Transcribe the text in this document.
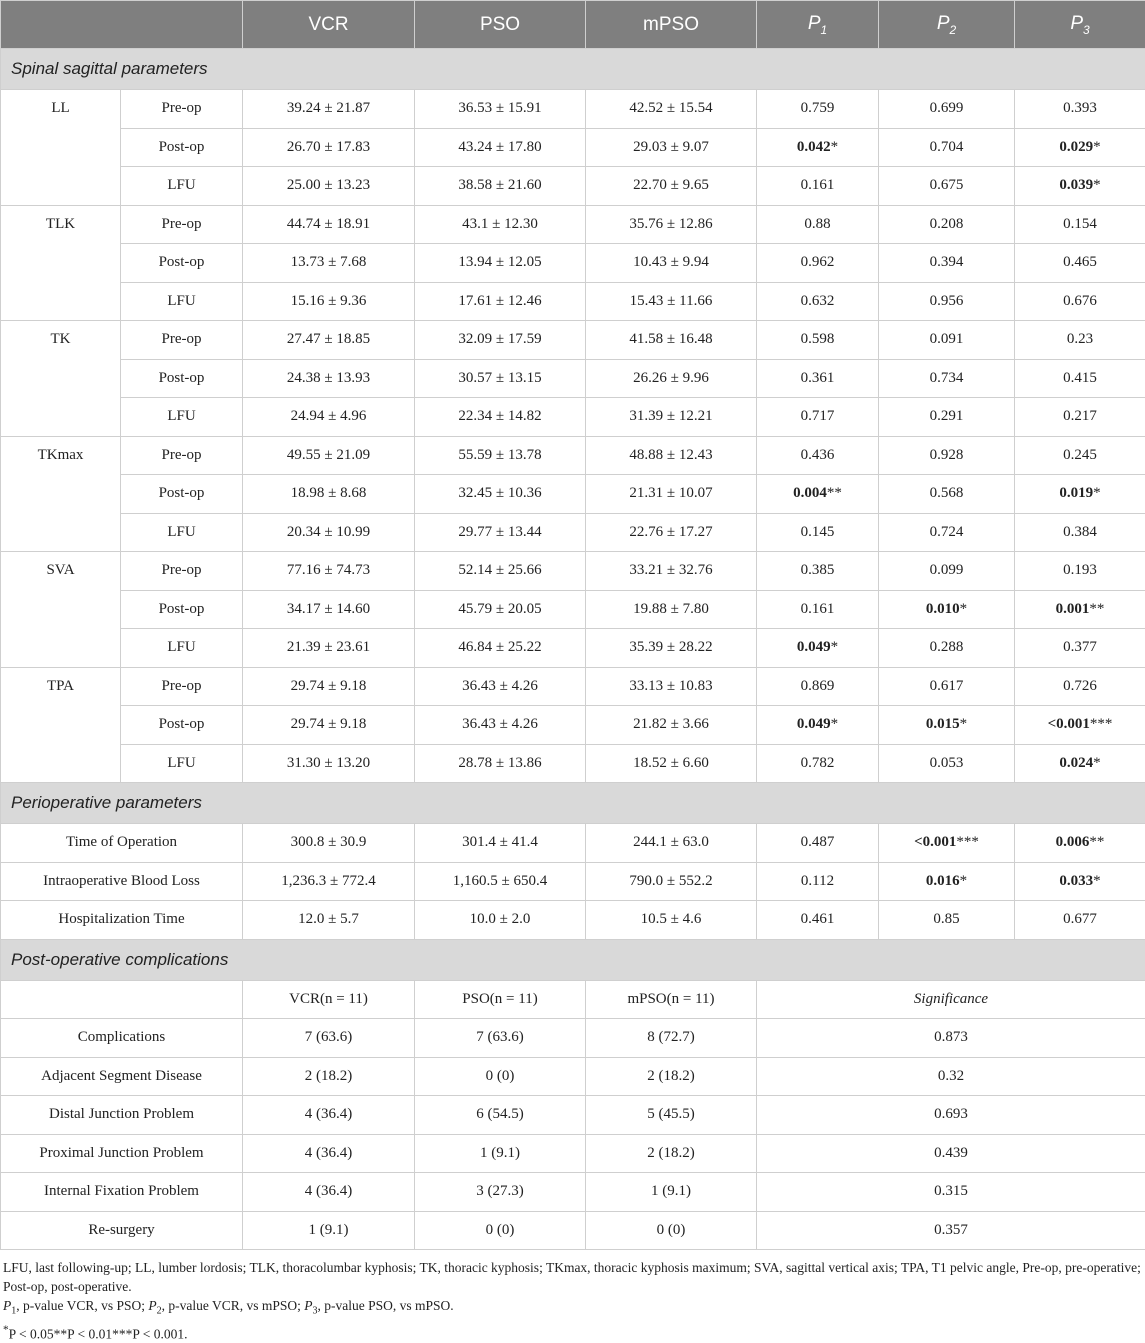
		VCR	PSO	mPSO	$P_1$	$P_2$	$P_3$
Spinal sagittal parameters							
LL	Pre-op	39.24 ± 21.87	36.53 ± 15.91	42.52 ± 15.54	0.759	0.699	0.393
	Post-op	26.70 ± 17.83	43.24 ± 17.80	29.03 ± 9.07	0.042*	0.704	0.029*
	LFU	25.00 ± 13.23	38.58 ± 21.60	22.70 ± 9.65	0.161	0.675	0.039*
TLK	Pre-op	44.74 ± 18.91	43.1 ± 12.30	35.76 ± 12.86	0.88	0.208	0.154
	Post-op	13.73 ± 7.68	13.94 ± 12.05	10.43 ± 9.94	0.962	0.394	0.465
	LFU	15.16 ± 9.36	17.61 ± 12.46	15.43 ± 11.66	0.632	0.956	0.676
TK	Pre-op	27.47 ± 18.85	32.09 ± 17.59	41.58 ± 16.48	0.598	0.091	0.23
	Post-op	24.38 ± 13.93	30.57 ± 13.15	26.26 ± 9.96	0.361	0.734	0.415
	LFU	24.94 ± 4.96	22.34 ± 14.82	31.39 ± 12.21	0.717	0.291	0.217
TKmax	Pre-op	49.55 ± 21.09	55.59 ± 13.78	48.88 ± 12.43	0.436	0.928	0.245
	Post-op	18.98 ± 8.68	32.45 ± 10.36	21.31 ± 10.07	0.004**	0.568	0.019*
	LFU	20.34 ± 10.99	29.77 ± 13.44	22.76 ± 17.27	0.145	0.724	0.384
SVA	Pre-op	77.16 ± 74.73	52.14 ± 25.66	33.21 ± 32.76	0.385	0.099	0.193
	Post-op	34.17 ± 14.60	45.79 ± 20.05	19.88 ± 7.80	0.161	0.010*	0.001**
	LFU	21.39 ± 23.61	46.84 ± 25.22	35.39 ± 28.22	0.049*	0.288	0.377
TPA	Pre-op	29.74 ± 9.18	36.43 ± 4.26	33.13 ± 10.83	0.869	0.617	0.726
	Post-op	29.74 ± 9.18	36.43 ± 4.26	21.82 ± 3.66	0.049*	0.015*	<0.001***
	LFU	31.30 ± 13.20	28.78 ± 13.86	18.52 ± 6.60	0.782	0.053	0.024*
Perioperative parameters							
Time of Operation		300.8 ± 30.9	301.4 ± 41.4	244.1 ± 63.0	0.487	<0.001***	0.006**
Intraoperative Blood Loss		1,236.3 ± 772.4	1,160.5 ± 650.4	790.0 ± 552.2	0.112	0.016*	0.033*
Hospitalization Time		12.0 ± 5.7	10.0 ± 2.0	10.5 ± 4.6	0.461	0.85	0.677
Post-operative complications							
		VCR(n = 11)	PSO(n = 11)	mPSO(n = 11)	Significance		
Complications		7 (63.6)	7 (63.6)	8 (72.7)	0.873		
Adjacent Segment Disease		2 (18.2)	0 (0)	2 (18.2)	0.32		
Distal Junction Problem		4 (36.4)	6 (54.5)	5 (45.5)	0.693		
Proximal Junction Problem		4 (36.4)	1 (9.1)	2 (18.2)	0.439		
Internal Fixation Problem		4 (36.4)	3 (27.3)	1 (9.1)	0.315		
Re-surgery		1 (9.1)	0 (0)	0 (0)	0.357		

LFU, last following-up; LL, lumber lordosis; TLK, thoracolumbar kyphosis; TK, thoracic kyphosis; TKmax, thoracic kyphosis maximum; SVA, sagittal vertical axis; TPA, T1 pelvic angle, Pre-op, pre-operative; Post-op, post-operative.

$P_1$, p-value VCR, vs PSO; $P_2$, p-value VCR, vs mPSO; $P_3$, p-value PSO, vs mPSO.

*P < 0.05**P < 0.01***P < 0.001.
